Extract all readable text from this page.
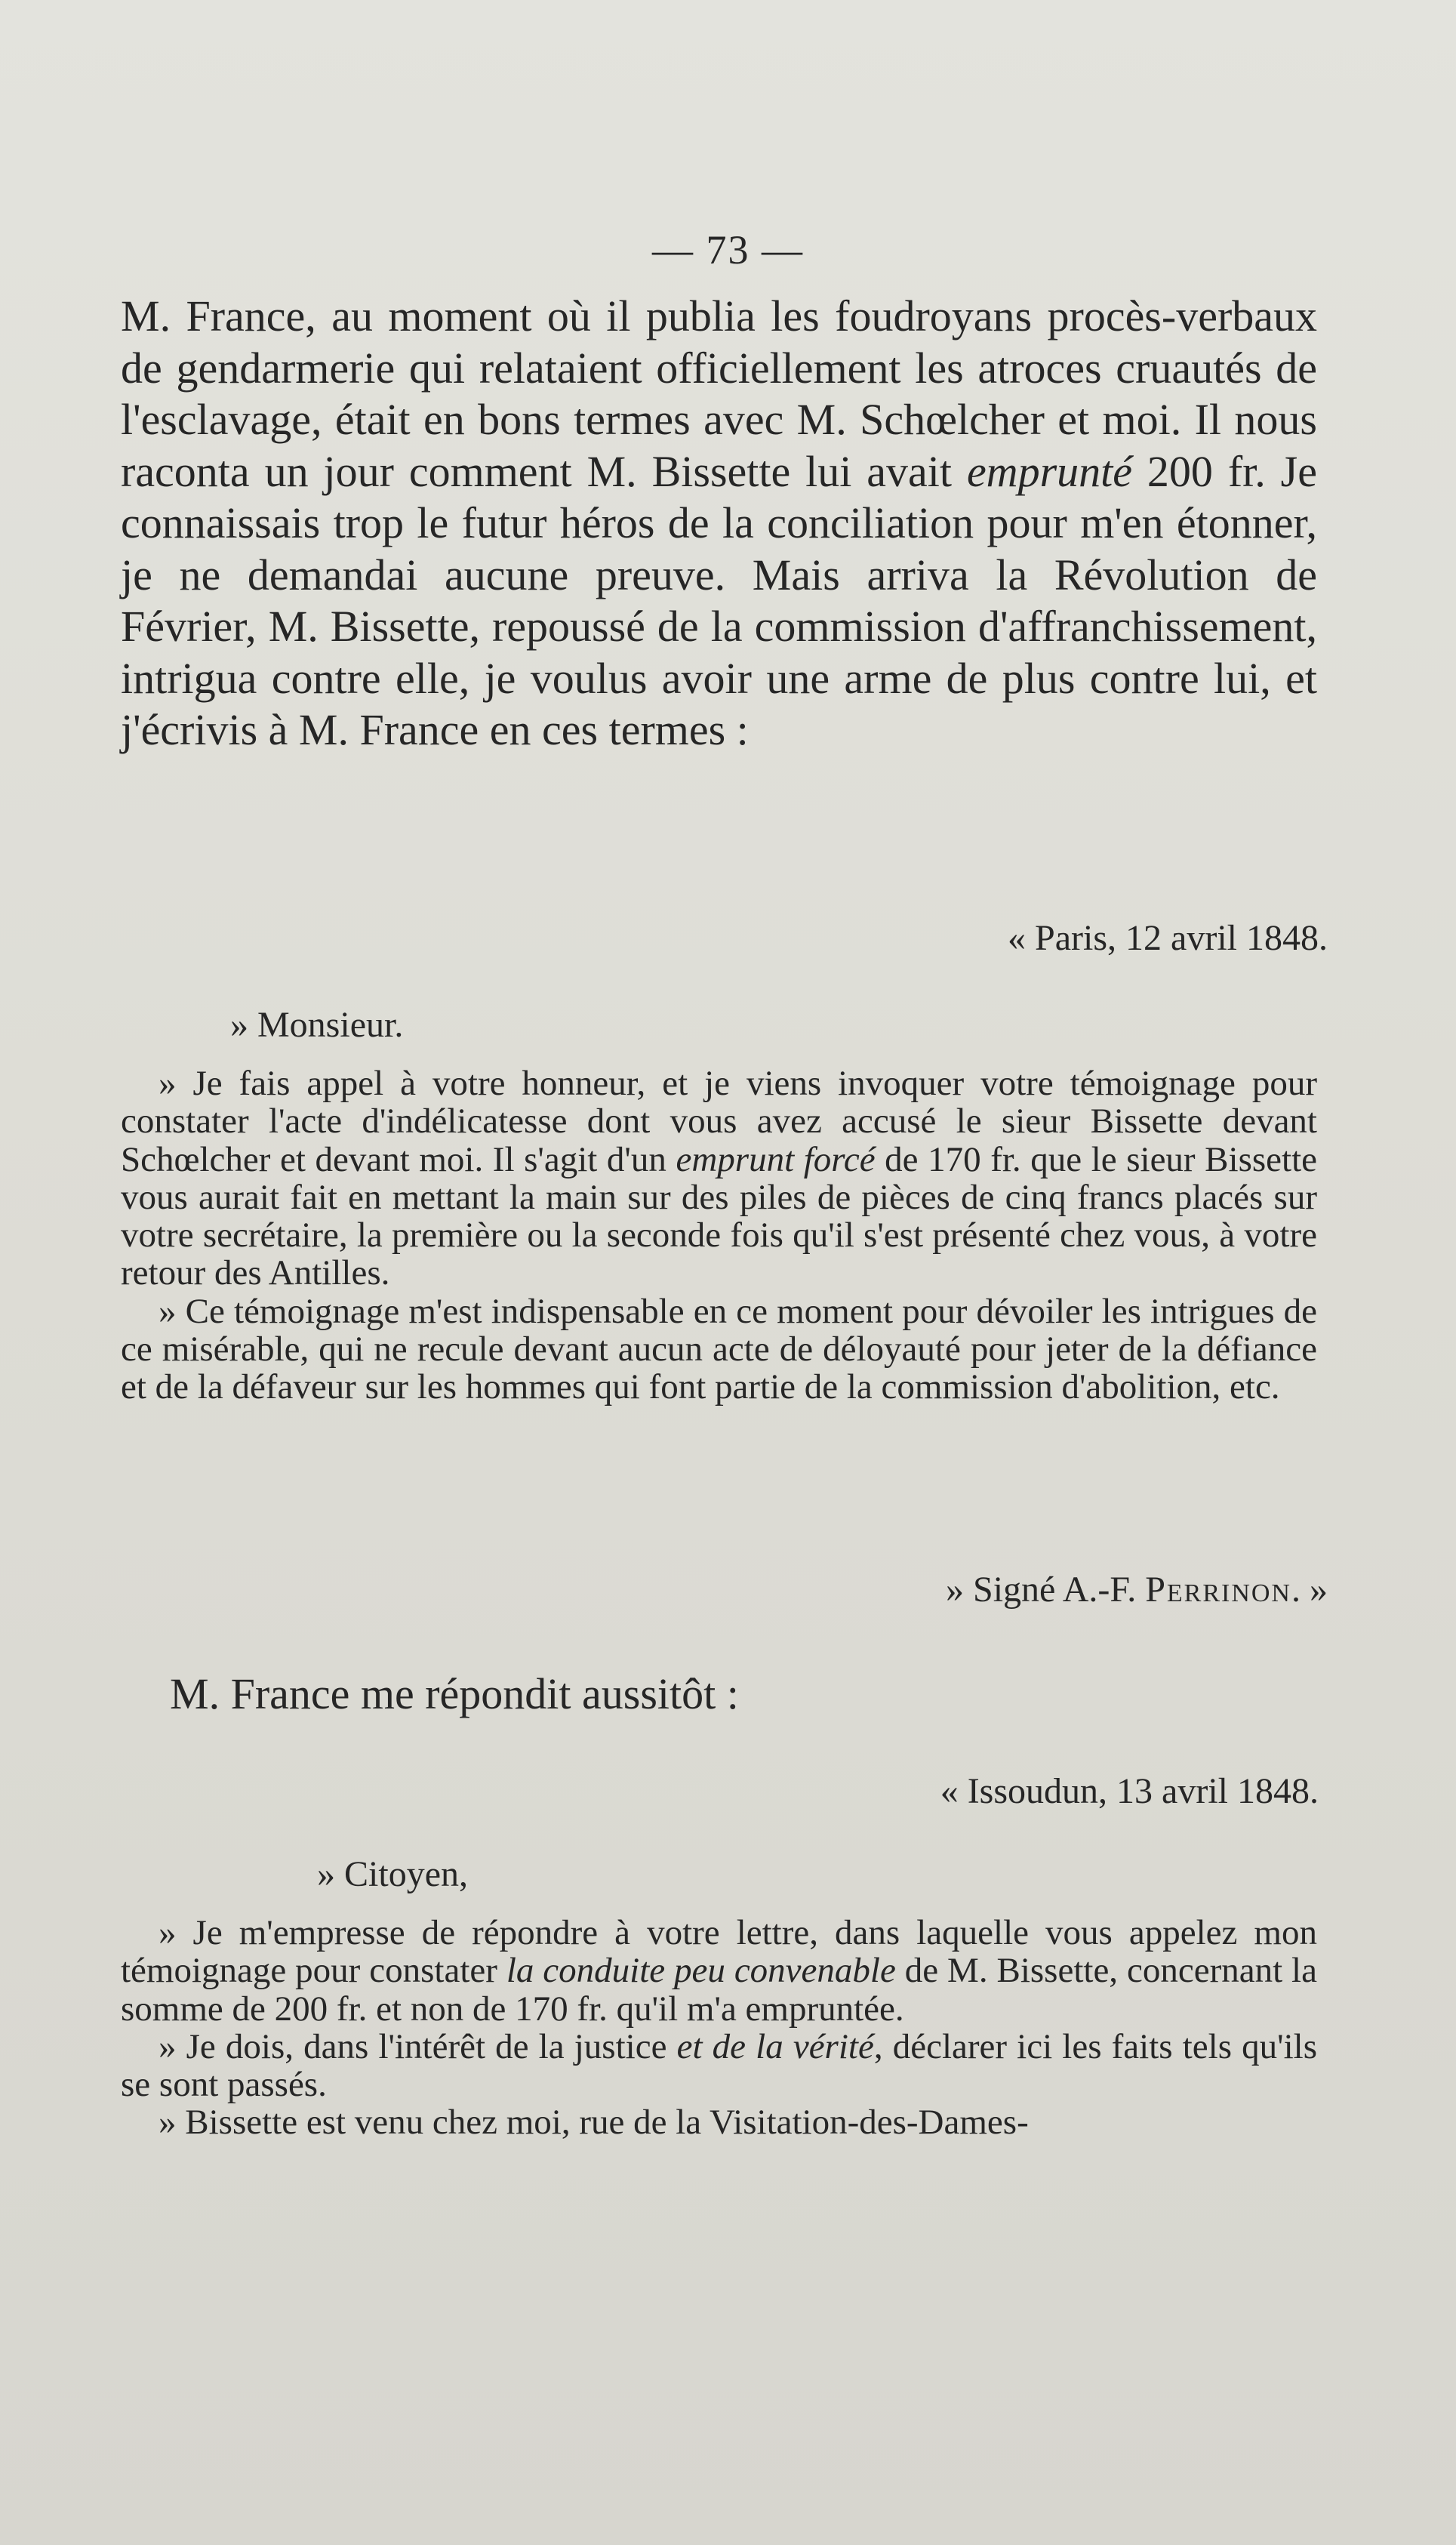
— 73 —

M. France, au moment où il publia les foudroyans procès-verbaux de gendarmerie qui relataient officiellement les atroces cruautés de l'esclavage, était en bons termes avec M. Schœlcher et moi. Il nous raconta un jour comment M. Bissette lui avait emprunté 200 fr. Je connaissais trop le futur héros de la conciliation pour m'en étonner, je ne demandai aucune preuve. Mais arriva la Révolution de Février, M. Bissette, repoussé de la commission d'affranchissement, intrigua contre elle, je voulus avoir une arme de plus contre lui, et j'écrivis à M. France en ces termes :

« Paris, 12 avril 1848.
» Monsieur.

» Je fais appel à votre honneur, et je viens invoquer votre témoignage pour constater l'acte d'indélicatesse dont vous avez accusé le sieur Bissette devant Schœlcher et devant moi. Il s'agit d'un emprunt forcé de 170 fr. que le sieur Bissette vous aurait fait en mettant la main sur des piles de pièces de cinq francs placés sur votre secrétaire, la première ou la seconde fois qu'il s'est présenté chez vous, à votre retour des Antilles.

» Ce témoignage m'est indispensable en ce moment pour dévoiler les intrigues de ce misérable, qui ne recule devant aucun acte de déloyauté pour jeter de la défiance et de la défaveur sur les hommes qui font partie de la commission d'abolition, etc.

» Signé A.-F. Perrinon. »
M. France me répondit aussitôt :
« Issoudun, 13 avril 1848.
» Citoyen,

» Je m'empresse de répondre à votre lettre, dans laquelle vous appelez mon témoignage pour constater la conduite peu convenable de M. Bissette, concernant la somme de 200 fr. et non de 170 fr. qu'il m'a empruntée.

» Je dois, dans l'intérêt de la justice et de la vérité, déclarer ici les faits tels qu'ils se sont passés.

» Bissette est venu chez moi, rue de la Visitation-des-Dames-
